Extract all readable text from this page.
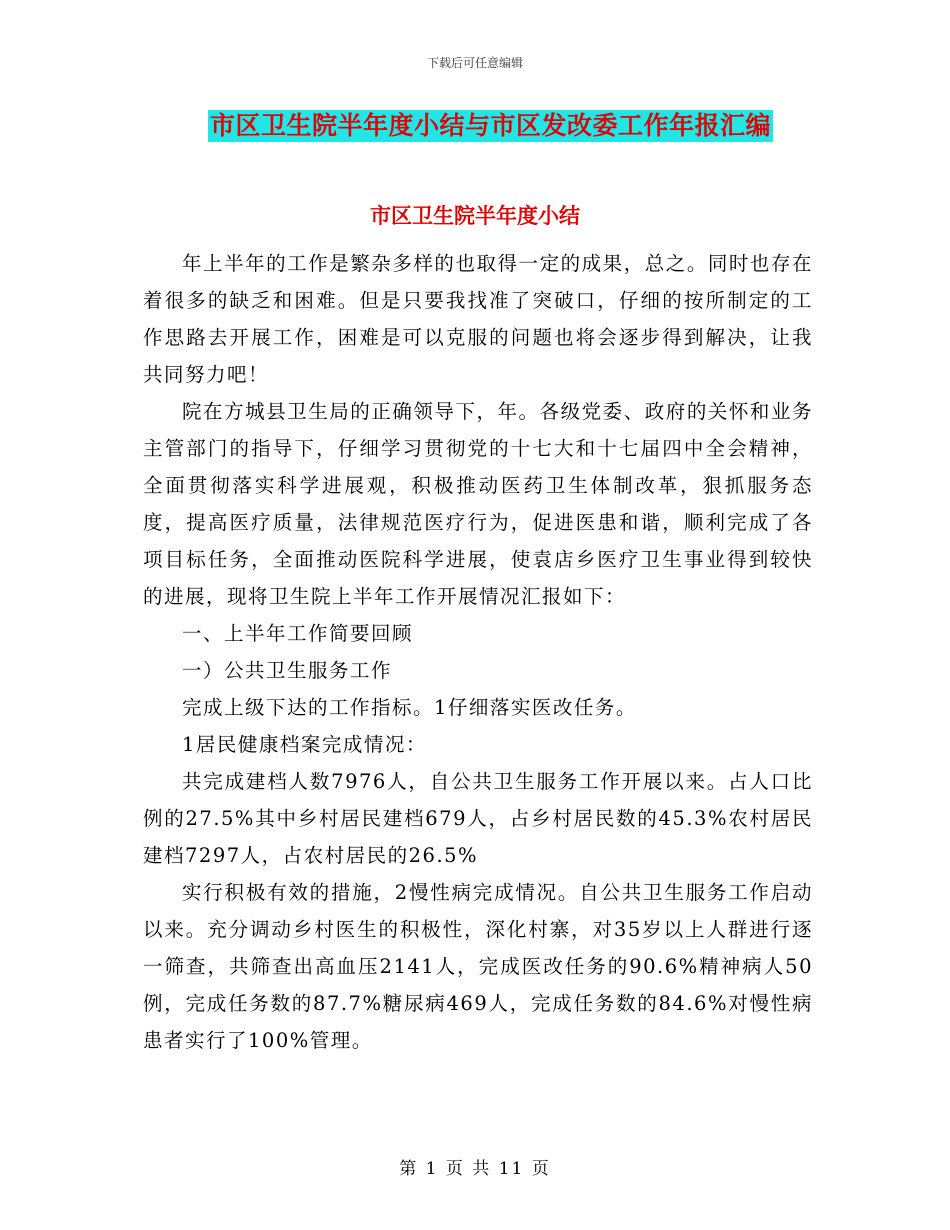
下载后可任意编辑
市区卫生院半年度小结与市区发改委工作年报汇编
市区卫生院半年度小结

年上半年的工作是繁杂多样的也取得一定的成果，总之。同时也存在着很多的缺乏和困难。但是只要我找准了突破口，仔细的按所制定的工作思路去开展工作，困难是可以克服的问题也将会逐步得到解决，让我共同努力吧！

院在方城县卫生局的正确领导下，年。各级党委、政府的关怀和业务主管部门的指导下，仔细学习贯彻党的十七大和十七届四中全会精神，全面贯彻落实科学进展观，积极推动医药卫生体制改革，狠抓服务态度，提高医疗质量，法律规范医疗行为，促进医患和谐，顺利完成了各项目标任务，全面推动医院科学进展，使袁店乡医疗卫生事业得到较快的进展，现将卫生院上半年工作开展情况汇报如下：

一、上半年工作简要回顾

一）公共卫生服务工作

完成上级下达的工作指标。1仔细落实医改任务。

1居民健康档案完成情况：

共完成建档人数7976人，自公共卫生服务工作开展以来。占人口比例的27.5%其中乡村居民建档679人，占乡村居民数的45.3%农村居民建档7297人，占农村居民的26.5%

实行积极有效的措施，2慢性病完成情况。自公共卫生服务工作启动以来。充分调动乡村医生的积极性，深化村寨，对35岁以上人群进行逐一筛查，共筛查出高血压2141人，完成医改任务的90.6%精神病人50例，完成任务数的87.7%糖尿病469人，完成任务数的84.6%对慢性病患者实行了100%管理。

第 1 页 共 11 页
